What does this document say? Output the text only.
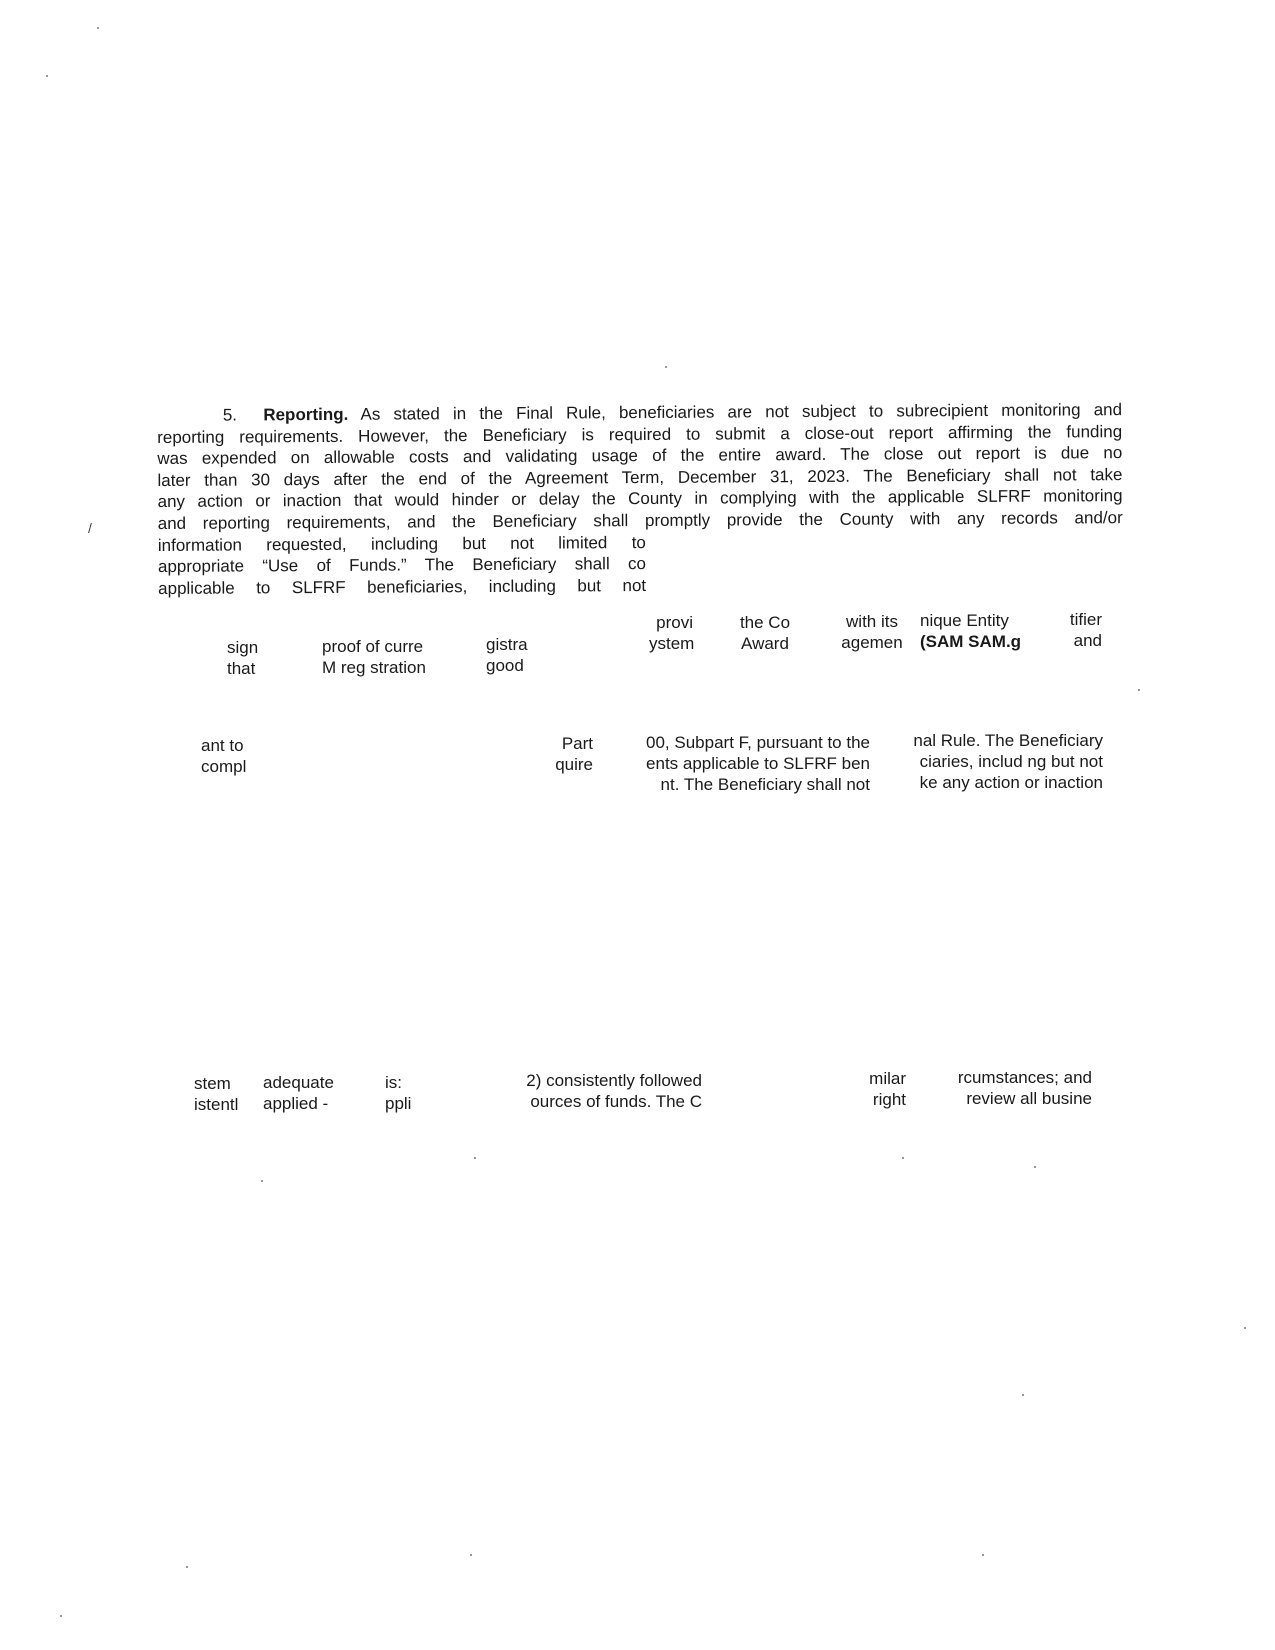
5. Reporting. As stated in the Final Rule, beneficiaries are not subject to subrecipient monitoring and
reporting requirements. However, the Beneficiary is required to submit a close-out report affirming the funding
was expended on allowable costs and validating usage of the entire award. The close out report is due no
later than 30 days after the end of the Agreement Term, December 31, 2023. The Beneficiary shall not take
any action or inaction that would hinder or delay the County in complying with the applicable SLFRF monitoring
and reporting requirements, and the Beneficiary shall promptly provide the County with any records and/or
information requested, including but not limited to
appropriate “Use of Funds.” The Beneficiary shall co
applicable to SLFRF beneficiaries, including but not
/
sign
that
proof of curre
M reg stration
gistra
good
provi
ystem
the Co
Award
with its
agemen
nique Entity
(SAM SAM.g
tifier
and
ant to
compl
Part
quire
00, Subpart F, pursuant to the
ents applicable to SLFRF ben
nt. The Beneficiary shall not
nal Rule. The Beneficiary
ciaries, includ ng but not
ke any action or inaction
stem
istentl
adequate
applied -
is:
ppli
2) consistently followed
ources of funds. The C
milar
right
rcumstances; and
review all busine
